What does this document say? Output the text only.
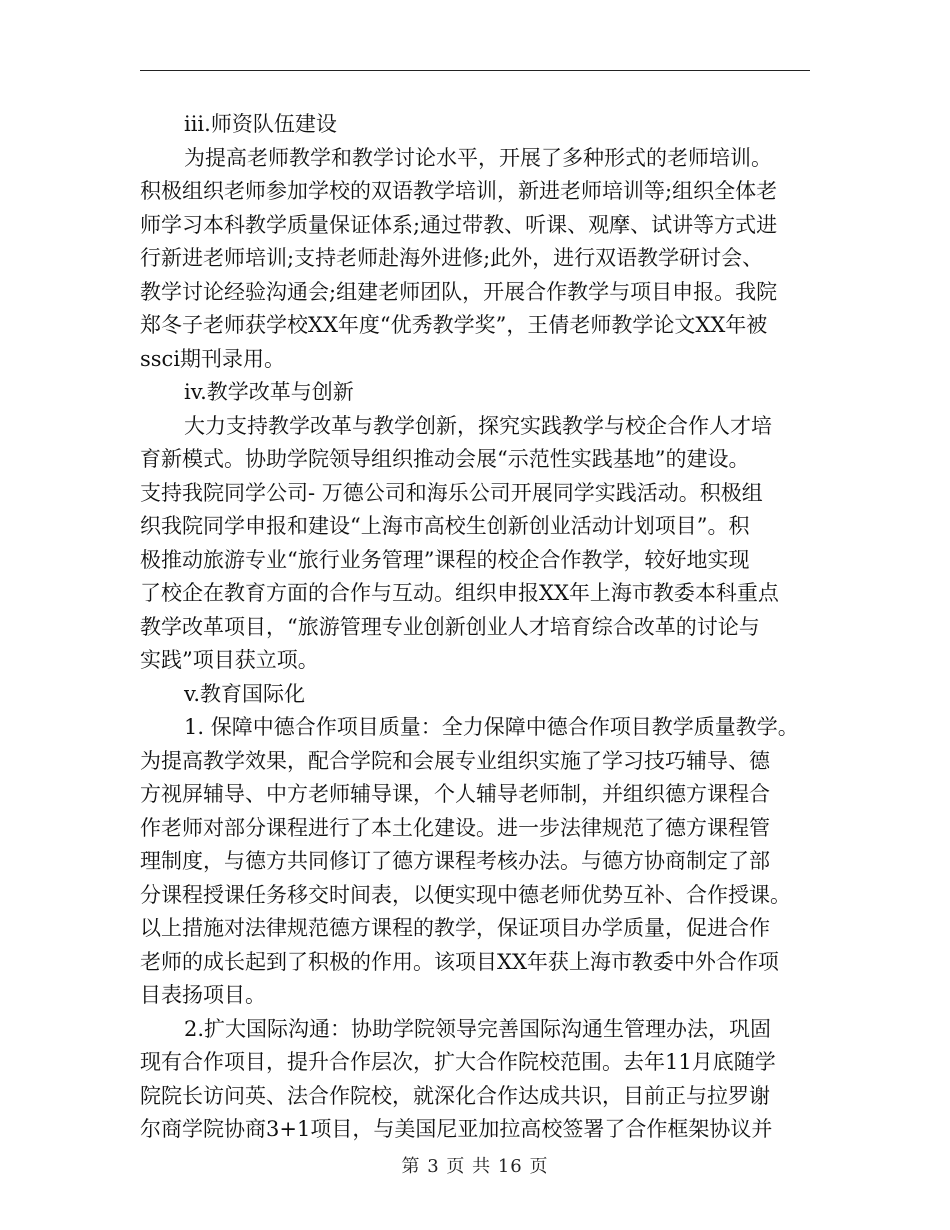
iii.师资队伍建设
为提高老师教学和教学讨论水平，开展了多种形式的老师培训。
积极组织老师参加学校的双语教学培训，新进老师培训等;组织全体老
师学习本科教学质量保证体系;通过带教、听课、观摩、试讲等方式进
行新进老师培训;支持老师赴海外进修;此外，进行双语教学研讨会、
教学讨论经验沟通会;组建老师团队，开展合作教学与项目申报。我院
郑冬子老师获学校XX年度“优秀教学奖”，王倩老师教学论文XX年被
ssci期刊录用。
iv.教学改革与创新
大力支持教学改革与教学创新，探究实践教学与校企合作人才培
育新模式。协助学院领导组织推动会展“示范性实践基地”的建设。
支持我院同学公司- 万德公司和海乐公司开展同学实践活动。积极组
织我院同学申报和建设“上海市高校生创新创业活动计划项目”。积
极推动旅游专业“旅行业务管理”课程的校企合作教学，较好地实现
了校企在教育方面的合作与互动。组织申报XX年上海市教委本科重点
教学改革项目，“旅游管理专业创新创业人才培育综合改革的讨论与
实践”项目获立项。
v.教育国际化
1. 保障中德合作项目质量：全力保障中德合作项目教学质量教学。
为提高教学效果，配合学院和会展专业组织实施了学习技巧辅导、德
方视屏辅导、中方老师辅导课，个人辅导老师制，并组织德方课程合
作老师对部分课程进行了本土化建设。进一步法律规范了德方课程管
理制度，与德方共同修订了德方课程考核办法。与德方协商制定了部
分课程授课任务移交时间表，以便实现中德老师优势互补、合作授课。
以上措施对法律规范德方课程的教学，保证项目办学质量，促进合作
老师的成长起到了积极的作用。该项目XX年获上海市教委中外合作项
目表扬项目。
2.扩大国际沟通：协助学院领导完善国际沟通生管理办法，巩固
现有合作项目，提升合作层次，扩大合作院校范围。去年11月底随学
院院长访问英、法合作院校，就深化合作达成共识，目前正与拉罗谢
尔商学院协商3+1项目，与美国尼亚加拉高校签署了合作框架协议并
第 3 页 共 16 页
